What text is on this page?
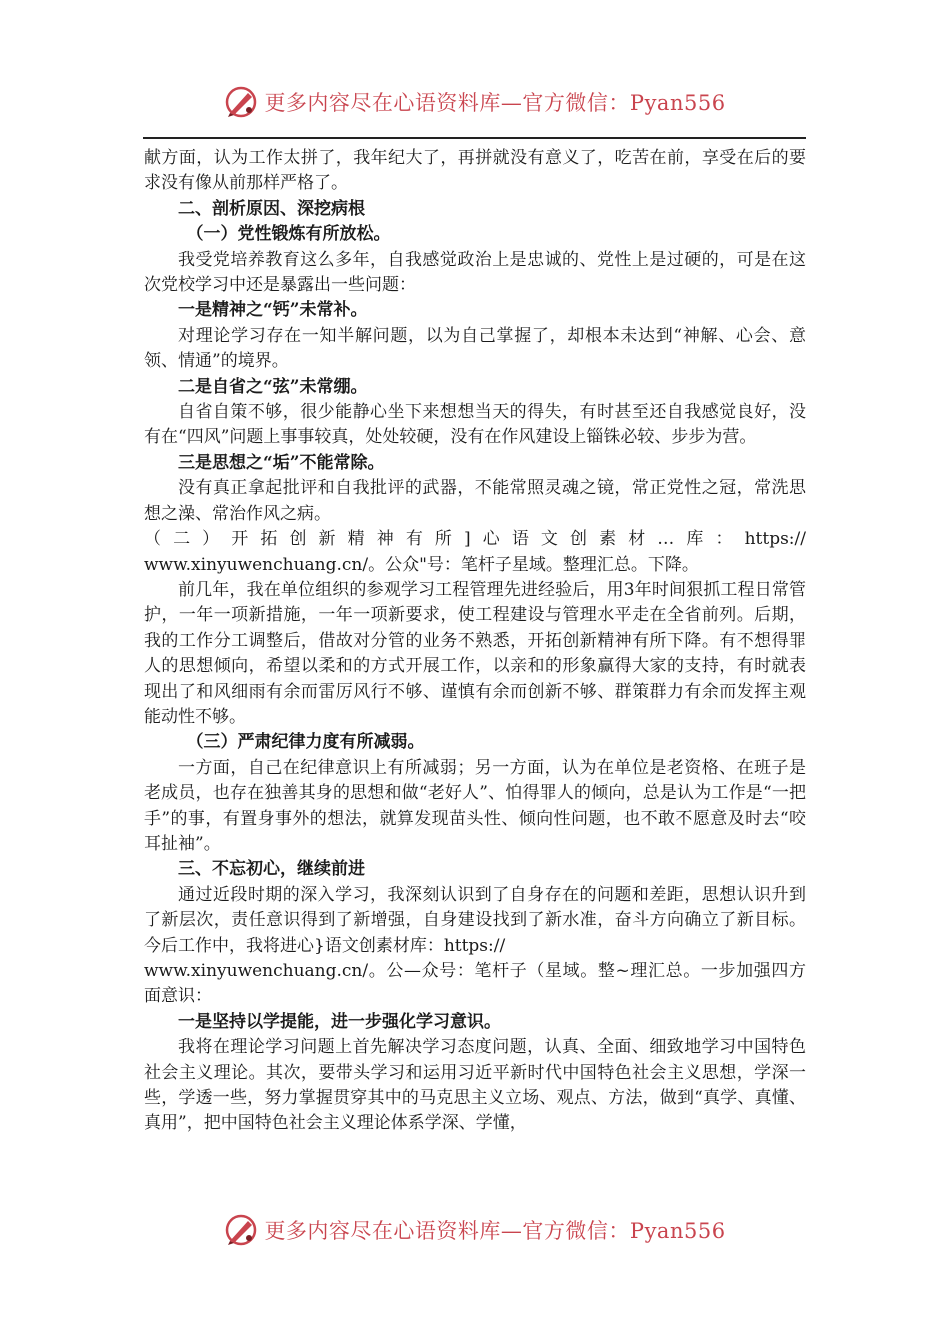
更多内容尽在心语资料库—官方微信：Pyan556

献方面，认为工作太拼了，我年纪大了，再拼就没有意义了，吃苦在前，享受在后的要求没有像从前那样严格了。

二、剖析原因、深挖病根

（一）党性锻炼有所放松。

我受党培养教育这么多年，自我感觉政治上是忠诚的、党性上是过硬的，可是在这次党校学习中还是暴露出一些问题：

一是精神之“钙”未常补。

对理论学习存在一知半解问题，以为自己掌握了，却根本未达到“神解、心会、意领、情通”的境界。

二是自省之“弦”未常绷。

自省自策不够，很少能静心坐下来想想当天的得失，有时甚至还自我感觉良好，没有在“四风”问题上事事较真，处处较硬，没有在作风建设上锱铢必较、步步为营。

三是思想之“垢”不能常除。

没有真正拿起批评和自我批评的武器，不能常照灵魂之镜，常正党性之冠，常洗思想之澡、常治作风之病。

（二）开拓创新精神有所]心语文创素材…库：https://

www.xinyuwenchuang.cn/。公众"号：笔杆子星域。整理汇总。下降。

前几年，我在单位组织的参观学习工程管理先进经验后，用3年时间狠抓工程日常管护，一年一项新措施，一年一项新要求，使工程建设与管理水平走在全省前列。后期，我的工作分工调整后，借故对分管的业务不熟悉，开拓创新精神有所下降。有不想得罪人的思想倾向，希望以柔和的方式开展工作，以亲和的形象赢得大家的支持，有时就表现出了和风细雨有余而雷厉风行不够、谨慎有余而创新不够、群策群力有余而发挥主观能动性不够。

（三）严肃纪律力度有所减弱。

一方面，自己在纪律意识上有所减弱；另一方面，认为在单位是老资格、在班子是老成员，也存在独善其身的思想和做“老好人”、怕得罪人的倾向，总是认为工作是“一把手”的事，有置身事外的想法，就算发现苗头性、倾向性问题，也不敢不愿意及时去“咬耳扯袖”。

三、不忘初心，继续前进

通过近段时期的深入学习，我深刻认识到了自身存在的问题和差距，思想认识升到了新层次，责任意识得到了新增强，自身建设找到了新水准，奋斗方向确立了新目标。今后工作中，我将进心}语文创素材库：https://

www.xinyuwenchuang.cn/。公—众号：笔杆子（星域。整~理汇总。一步加强四方面意识：

一是坚持以学提能，进一步强化学习意识。

我将在理论学习问题上首先解决学习态度问题，认真、全面、细致地学习中国特色社会主义理论。其次，要带头学习和运用习近平新时代中国特色社会主义思想，学深一些，学透一些，努力掌握贯穿其中的马克思主义立场、观点、方法，做到“真学、真懂、真用”，把中国特色社会主义理论体系学深、学懂，

更多内容尽在心语资料库—官方微信：Pyan556
